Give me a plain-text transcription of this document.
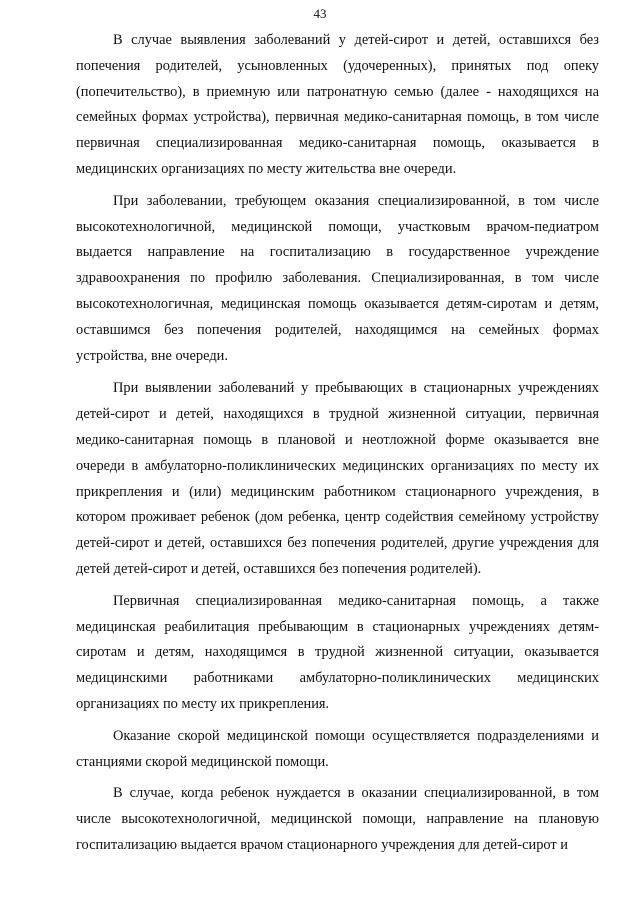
43

В случае выявления заболеваний у детей-сирот и детей, оставшихся без попечения родителей, усыновленных (удочеренных), принятых под опеку (попечительство), в приемную или патронатную семью (далее - находящихся на семейных формах устройства), первичная медико-санитарная помощь, в том числе первичная специализированная медико-санитарная помощь, оказывается в медицинских организациях по месту жительства вне очереди.

При заболевании, требующем оказания специализированной, в том числе высокотехнологичной, медицинской помощи, участковым врачом-педиатром выдается направление на госпитализацию в государственное учреждение здравоохранения по профилю заболевания. Специализированная, в том числе высокотехнологичная, медицинская помощь оказывается детям-сиротам и детям, оставшимся без попечения родителей, находящимся на семейных формах устройства, вне очереди.

При выявлении заболеваний у пребывающих в стационарных учреждениях детей-сирот и детей, находящихся в трудной жизненной ситуации, первичная медико-санитарная помощь в плановой и неотложной форме оказывается вне очереди в амбулаторно-поликлинических медицинских организациях по месту их прикрепления и (или) медицинским работником стационарного учреждения, в котором проживает ребенок (дом ребенка, центр содействия семейному устройству детей-сирот и детей, оставшихся без попечения родителей, другие учреждения для детей детей-сирот и детей, оставшихся без попечения родителей).

Первичная специализированная медико-санитарная помощь, а также медицинская реабилитация пребывающим в стационарных учреждениях детям-сиротам и детям, находящимся в трудной жизненной ситуации, оказывается медицинскими работниками амбулаторно-поликлинических медицинских организациях по месту их прикрепления.

Оказание скорой медицинской помощи осуществляется подразделениями и станциями скорой медицинской помощи.

В случае, когда ребенок нуждается в оказании специализированной, в том числе высокотехнологичной, медицинской помощи, направление на плановую госпитализацию выдается врачом стационарного учреждения для детей-сирот и
